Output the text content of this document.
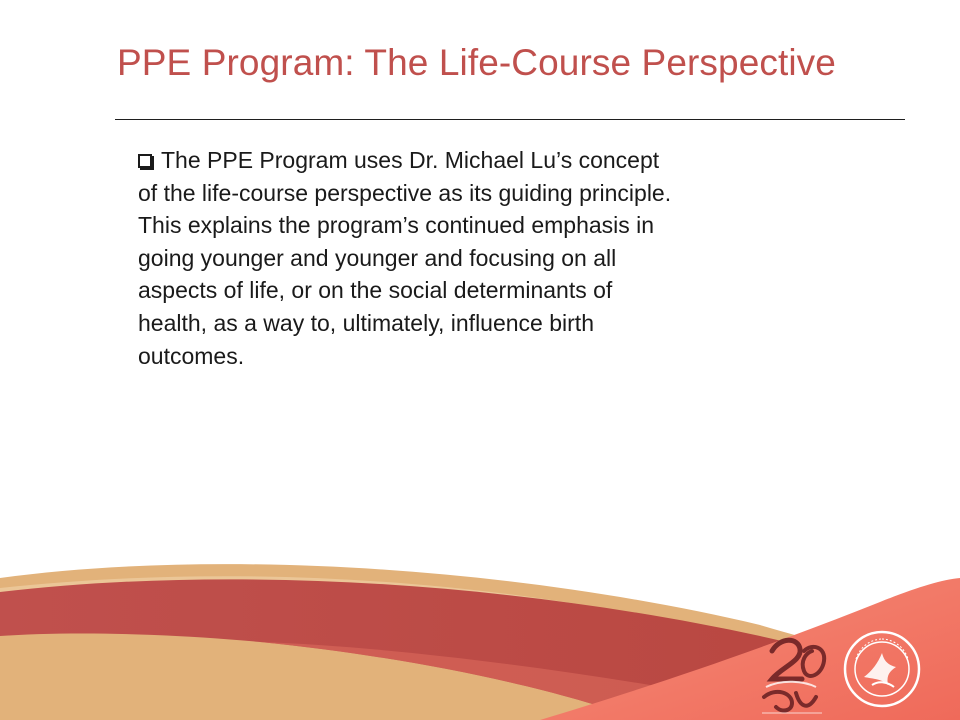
PPE Program: The Life-Course Perspective
The PPE Program uses Dr. Michael Lu’s concept
of the life-course perspective as its guiding principle.
This explains the program’s continued emphasis in
going younger and younger and focusing on all
aspects of life, or on the social determinants of
health, as a way to, ultimately, influence birth
outcomes.
